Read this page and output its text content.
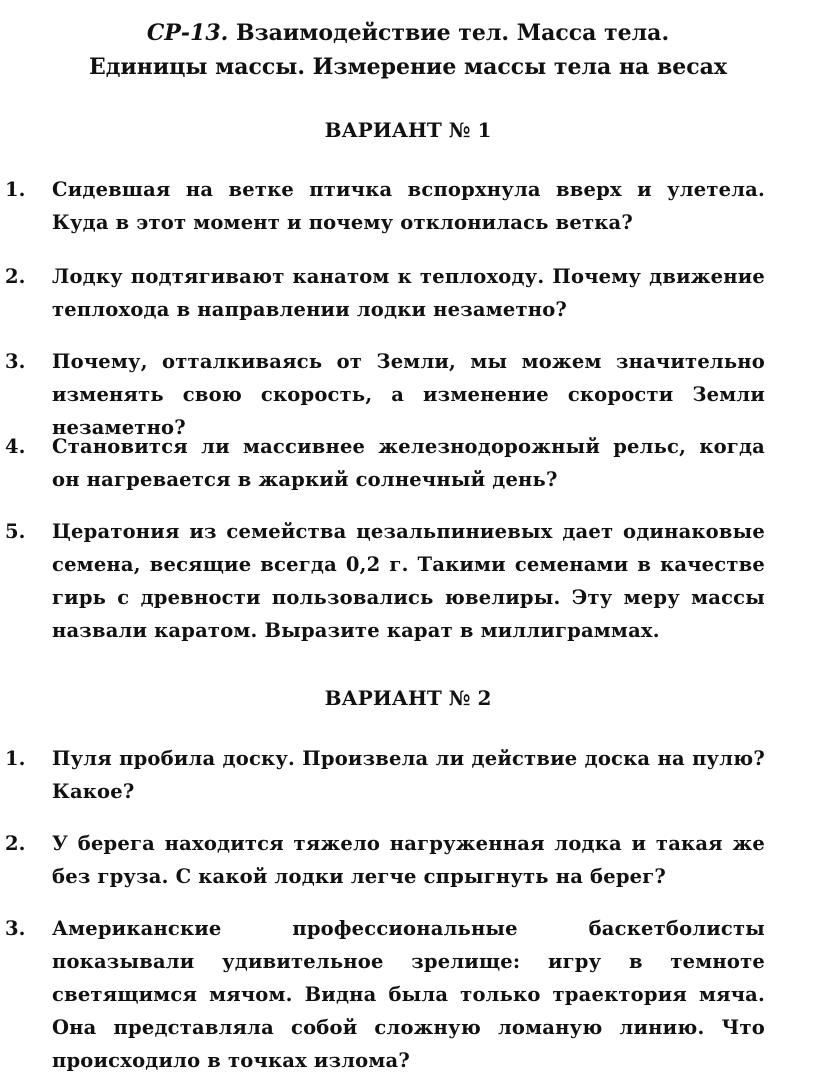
СР-13. Взаимодействие тел. Масса тела.
Единицы массы. Измерение массы тела на весах
ВАРИАНТ № 1
1. Сидевшая на ветке птичка вспорхнула вверх и улетела. Куда в этот момент и почему отклонилась ветка?
2. Лодку подтягивают канатом к теплоходу. Почему движение теплохода в направлении лодки незаметно?
3. Почему, отталкиваясь от Земли, мы можем значительно изменять свою скорость, а изменение скорости Земли незаметно?
4. Становится ли массивнее железнодорожный рельс, когда он нагревается в жаркий солнечный день?
5. Цератония из семейства цезальпиниевых дает одинаковые семена, весящие всегда 0,2 г. Такими семенами в качестве гирь с древности пользовались ювелиры. Эту меру массы назвали каратом. Выразите карат в миллиграммах.
ВАРИАНТ № 2
1. Пуля пробила доску. Произвела ли действие доска на пулю? Какое?
2. У берега находится тяжело нагруженная лодка и такая же без груза. С какой лодки легче спрыгнуть на берег?
3. Американские профессиональные баскетболисты показывали удивительное зрелище: игру в темноте светящимся мячом. Видна была только траектория мяча. Она представляла собой сложную ломаную линию. Что происходило в точках излома?
